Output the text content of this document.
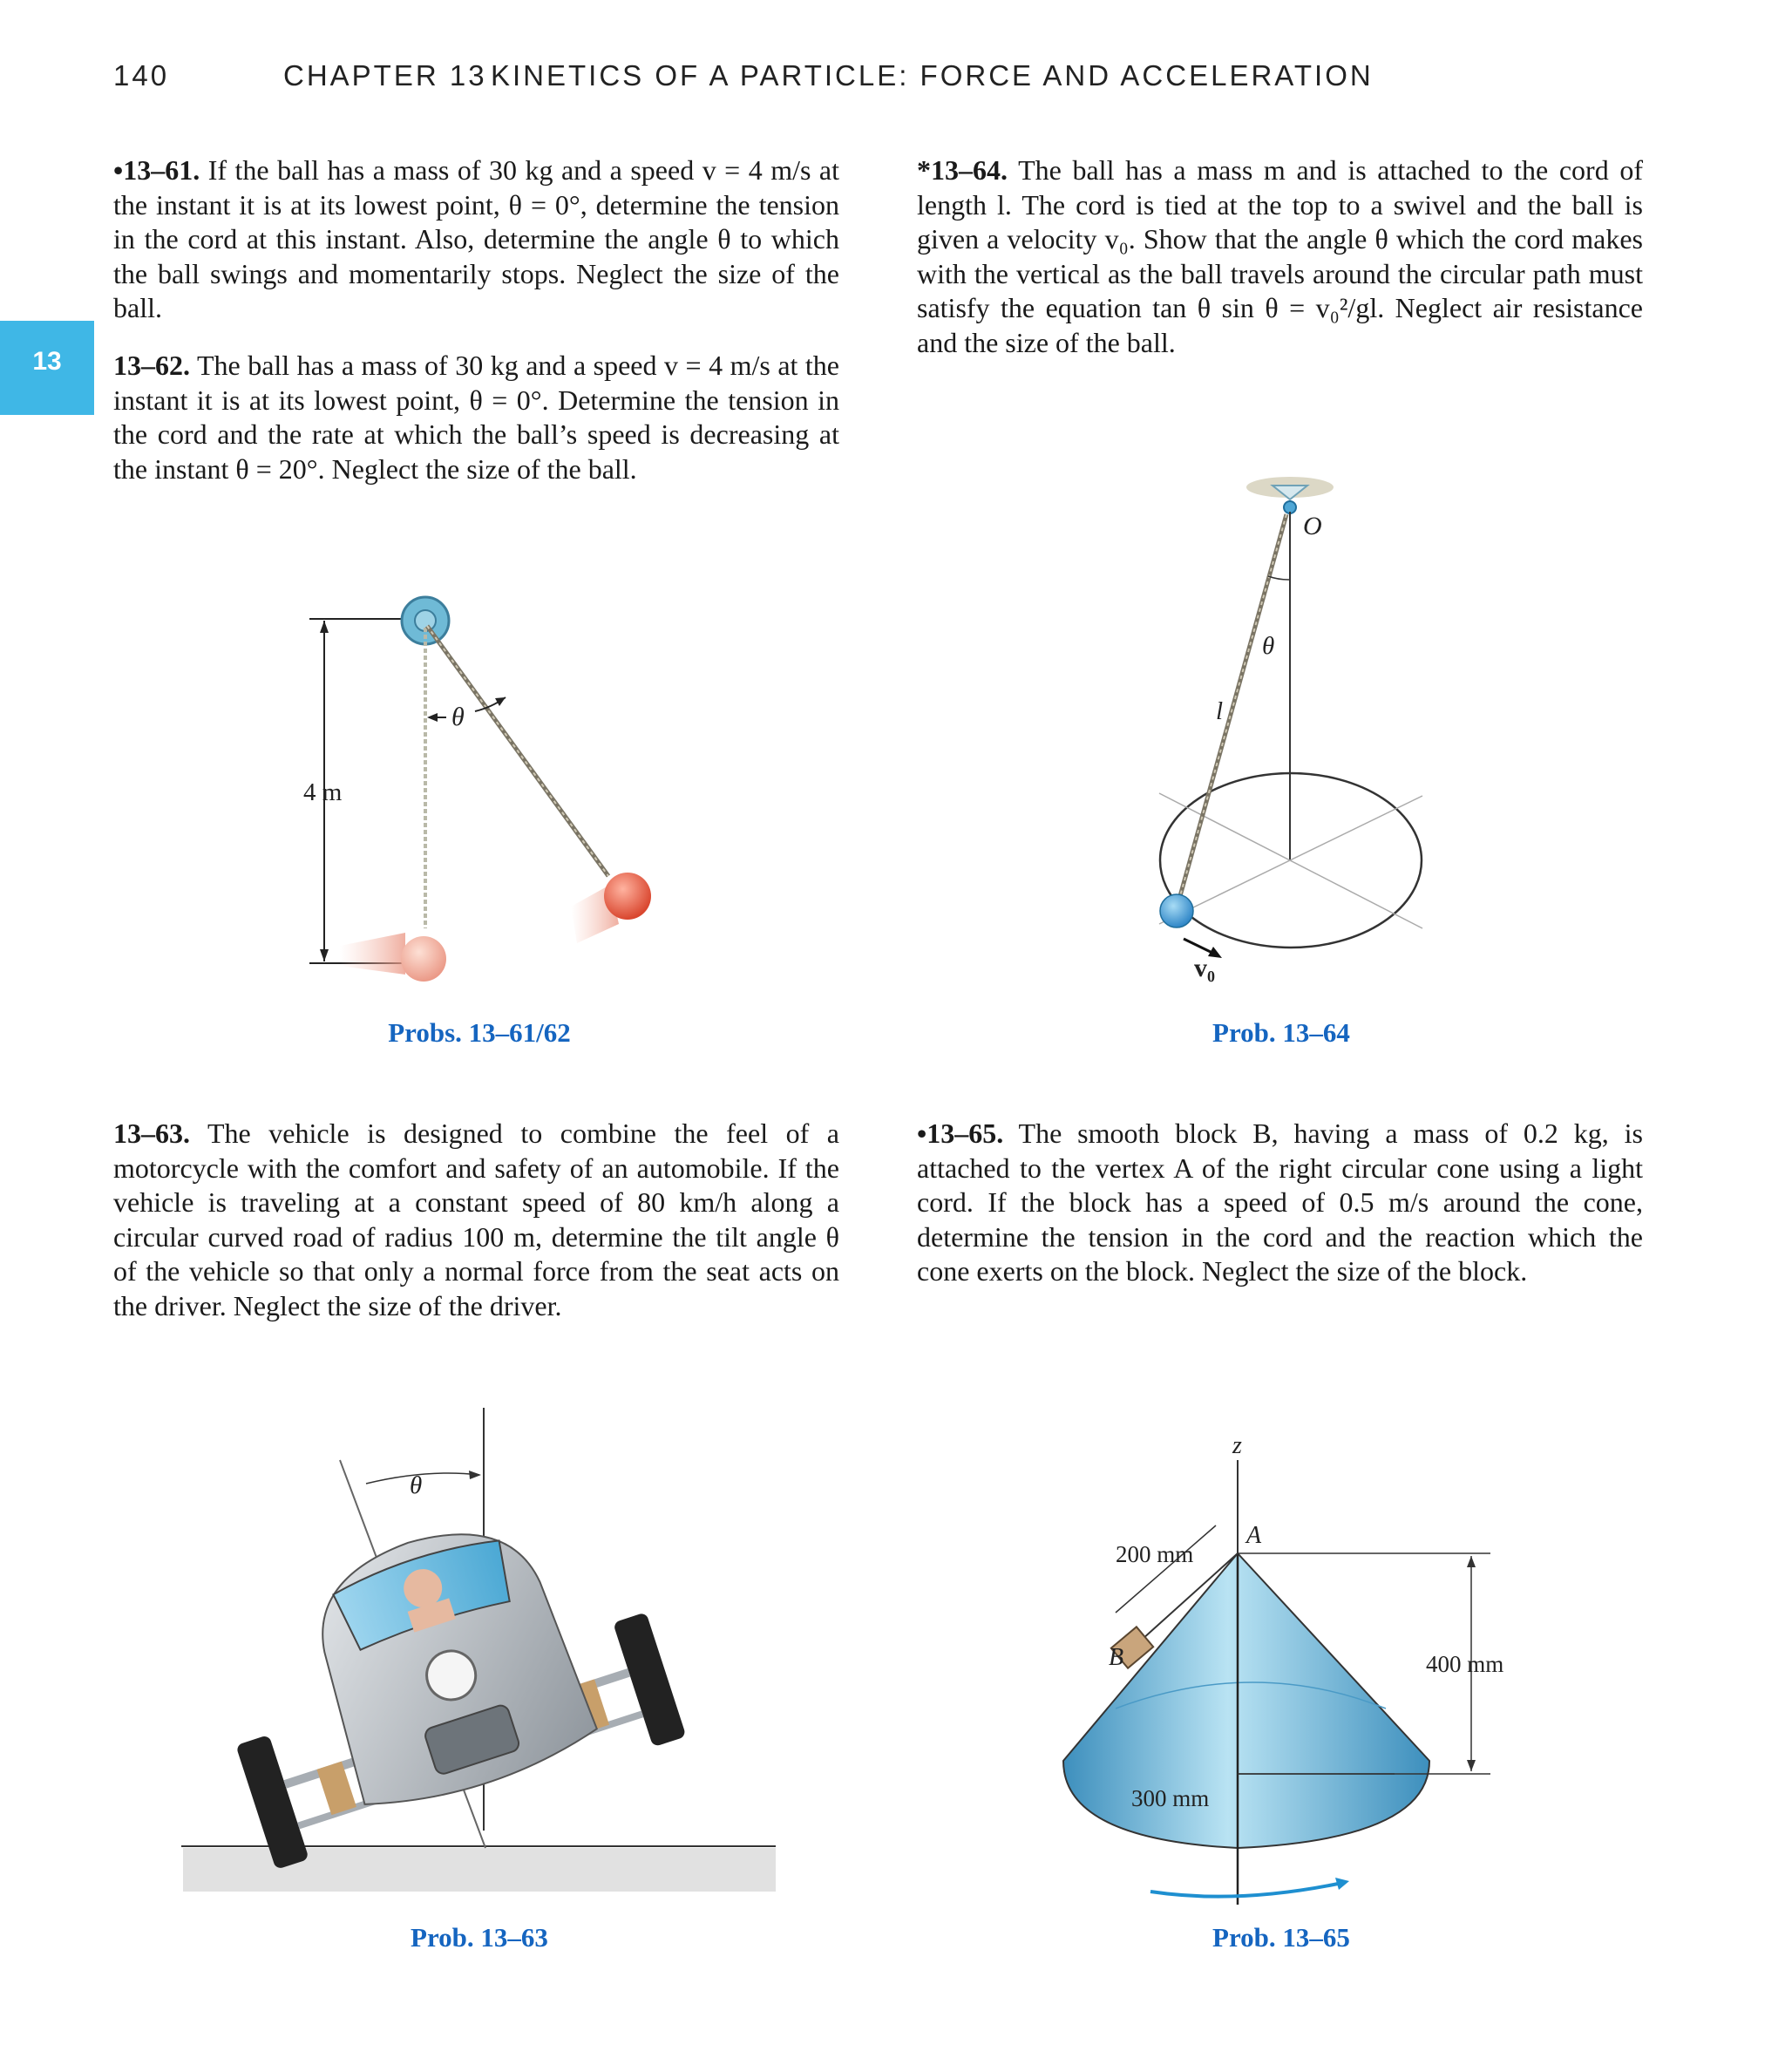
140	CHAPTER 13 KINETICS OF A PARTICLE: FORCE AND ACCELERATION
13

•13–61. If the ball has a mass of 30 kg and a speed v = 4 m/s at the instant it is at its lowest point, θ = 0°, determine the tension in the cord at this instant. Also, determine the angle θ to which the ball swings and momentarily stops. Neglect the size of the ball.

13–62. The ball has a mass of 30 kg and a speed v = 4 m/s at the instant it is at its lowest point, θ = 0°. Determine the tension in the cord and the rate at which the ball’s speed is decreasing at the instant θ = 20°. Neglect the size of the ball.

13–63. The vehicle is designed to combine the feel of a motorcycle with the comfort and safety of an automobile. If the vehicle is traveling at a constant speed of 80 km/h along a circular curved road of radius 100 m, determine the tilt angle θ of the vehicle so that only a normal force from the seat acts on the driver. Neglect the size of the driver.

*13–64. The ball has a mass m and is attached to the cord of length l. The cord is tied at the top to a swivel and the ball is given a velocity v₀. Show that the angle θ which the cord makes with the vertical as the ball travels around the circular path must satisfy the equation tan θ sin θ = v₀²/gl. Neglect air resistance and the size of the ball.

•13–65. The smooth block B, having a mass of 0.2 kg, is attached to the vertex A of the right circular cone using a light cord. If the block has a speed of 0.5 m/s around the cone, determine the tension in the cord and the reaction which the cone exerts on the block. Neglect the size of the block.

4 m
θ
Probs. 13–61/62
O
θ
l
v₀
Prob. 13–64
θ
Prob. 13–63
z
A
B
200 mm
400 mm
300 mm
Prob. 13–65
